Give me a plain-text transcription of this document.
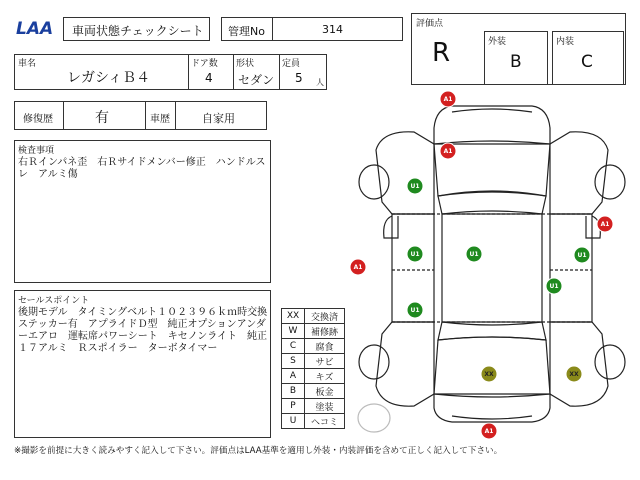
LAA 車両状態チェックシート 管理No	314	評価点
R	外装
B
内装
C
車名
レガシィＢ４
ドア数
4
形状
セダン
定員
5 人
修復歴	有	車歴	自家用
検査事項
右Ｒインパネ歪　右Ｒサイドメンバー修正　ハンドルスレ　アルミ傷
セールスポイント
後期モデル　タイミングベルト１０２３９６ｋｍ時交換ステッカー有　アプライドＤ型　純正オプションアンダーエアロ　運転席パワーシート　キセノンライト　純正１７アルミ　Ｒスポイラー　ターボタイマー
XX	交換済
W	補修跡
C	腐食
S	サビ
A	キズ
B	板金
P	塗装
U	ヘコミ
A1
A1
U1
A1
A1
U1	U1
U1
U1
U1
XX	XX
A1
※撮影を前提に大きく読みやすく記入して下さい。評価点はLAA基準を適用し外装・内装評価を含めて正しく記入して下さい。
